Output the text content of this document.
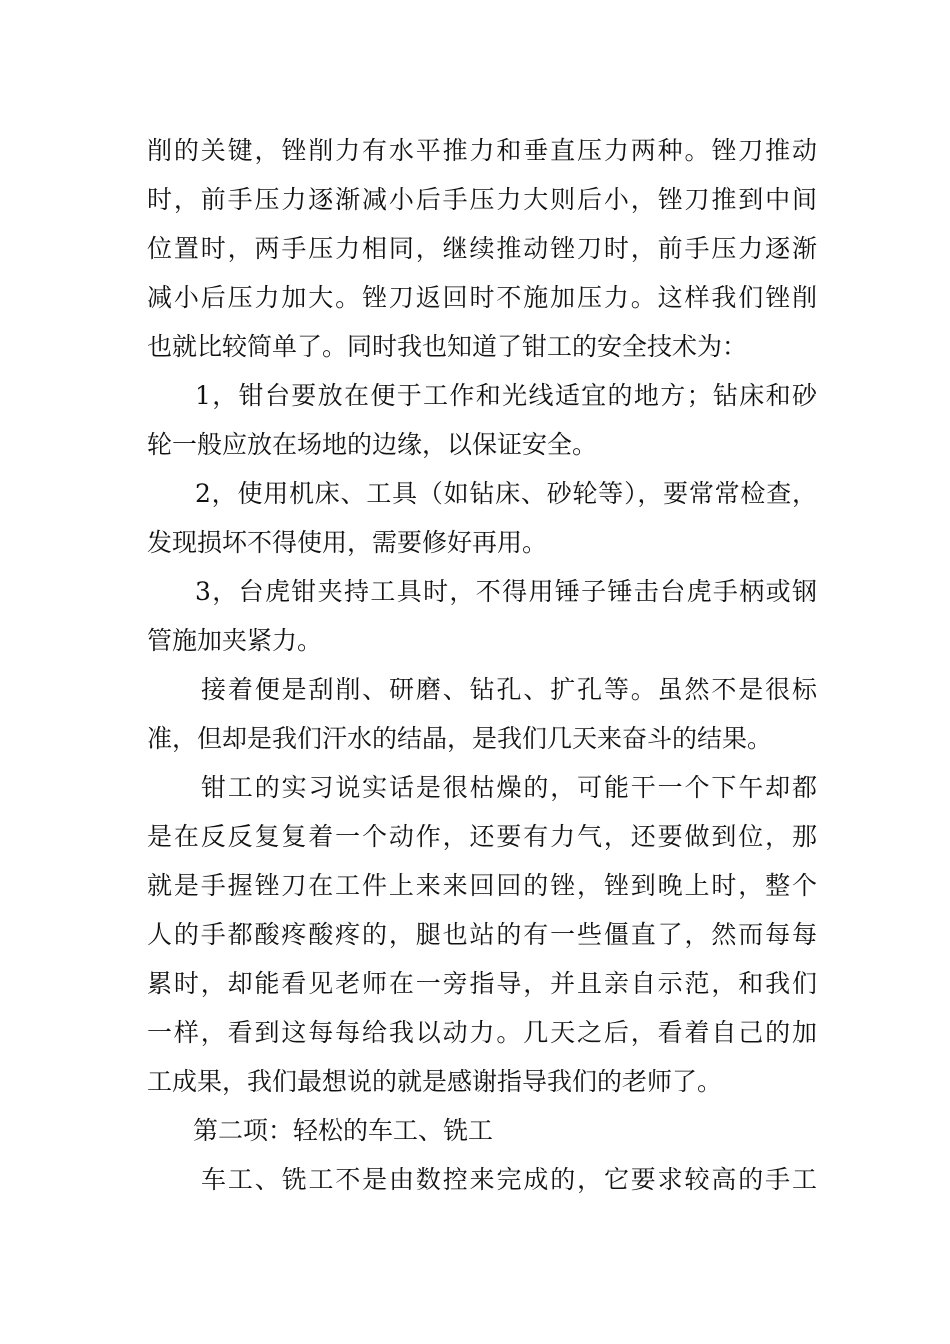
削的关键，锉削力有水平推力和垂直压力两种。锉刀推动
时，前手压力逐渐减小后手压力大则后小，锉刀推到中间
位置时，两手压力相同，继续推动锉刀时，前手压力逐渐
减小后压力加大。锉刀返回时不施加压力。这样我们锉削
也就比较简单了。同时我也知道了钳工的安全技术为：
1，钳台要放在便于工作和光线适宜的地方；钻床和砂
轮一般应放在场地的边缘，以保证安全。
2，使用机床、工具（如钻床、砂轮等），要常常检查，
发现损坏不得使用，需要修好再用。
3，台虎钳夹持工具时，不得用锤子锤击台虎手柄或钢
管施加夹紧力。
接着便是刮削、研磨、钻孔、扩孔等。虽然不是很标
准，但却是我们汗水的结晶，是我们几天来奋斗的结果。
钳工的实习说实话是很枯燥的，可能干一个下午却都
是在反反复复着一个动作，还要有力气，还要做到位，那
就是手握锉刀在工件上来来回回的锉，锉到晚上时，整个
人的手都酸疼酸疼的，腿也站的有一些僵直了，然而每每
累时，却能看见老师在一旁指导，并且亲自示范，和我们
一样，看到这每每给我以动力。几天之后，看着自己的加
工成果，我们最想说的就是感谢指导我们的老师了。
第二项：轻松的车工、铣工
车工、铣工不是由数控来完成的，它要求较高的手工
